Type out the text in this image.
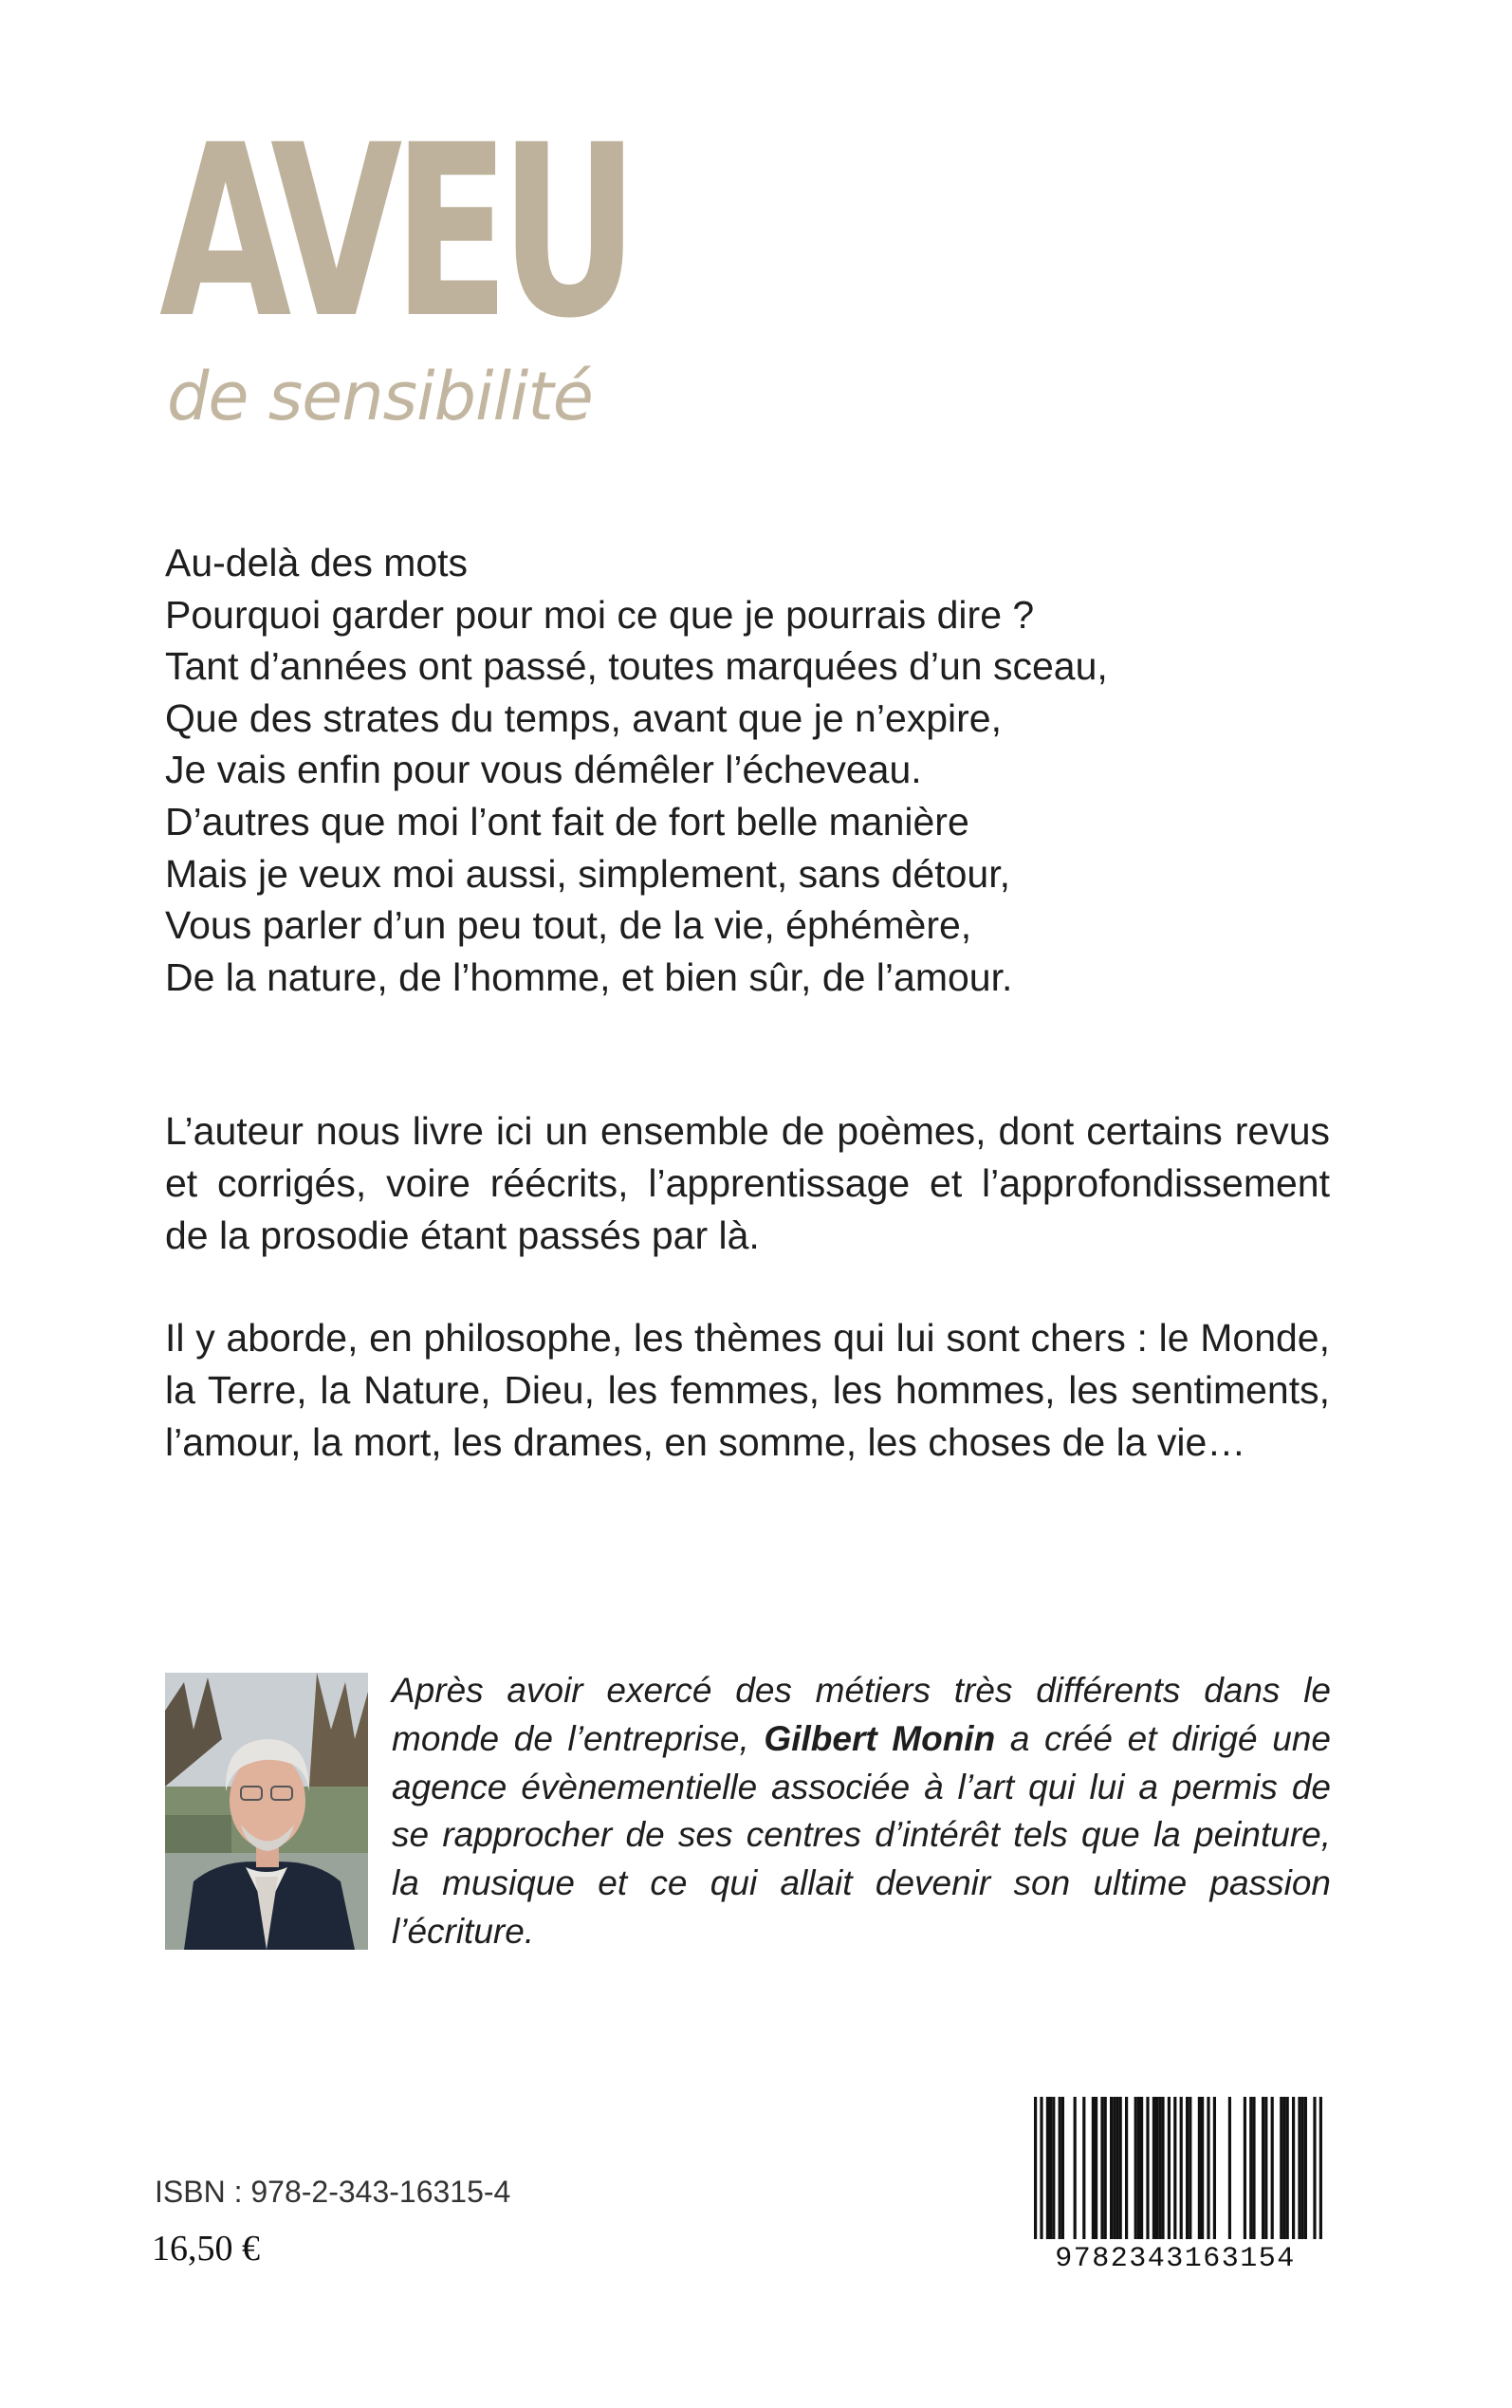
AVEU
de sensibilité
Au-delà des mots
Pourquoi garder pour moi ce que je pourrais dire ?
Tant d’années ont passé, toutes marquées d’un sceau,
Que des strates du temps, avant que je n’expire,
Je vais enfin pour vous démêler l’écheveau.
D’autres que moi l’ont fait de fort belle manière
Mais je veux moi aussi, simplement, sans détour,
Vous parler d’un peu tout, de la vie, éphémère,
De la nature, de l’homme, et bien sûr, de l’amour.

L’auteur nous livre ici un ensemble de poèmes, dont certains revus et corrigés, voire réécrits, l’apprentissage et l’approfondissement de la prosodie étant passés par là.

Il y aborde, en philosophe, les thèmes qui lui sont chers : le Monde, la Terre, la Nature, Dieu, les femmes, les hommes, les sentiments, l’amour, la mort, les drames, en somme, les choses de la vie…

Après avoir exercé des métiers très différents dans le monde de l’entreprise, Gilbert Monin a créé et dirigé une agence évènementielle associée à l’art qui lui a permis de se rapprocher de ses centres d’intérêt tels que la peinture, la musique et ce qui allait devenir son ultime passion l’écriture.

ISBN : 978-2-343-16315-4
16,50 €	9782343163154
